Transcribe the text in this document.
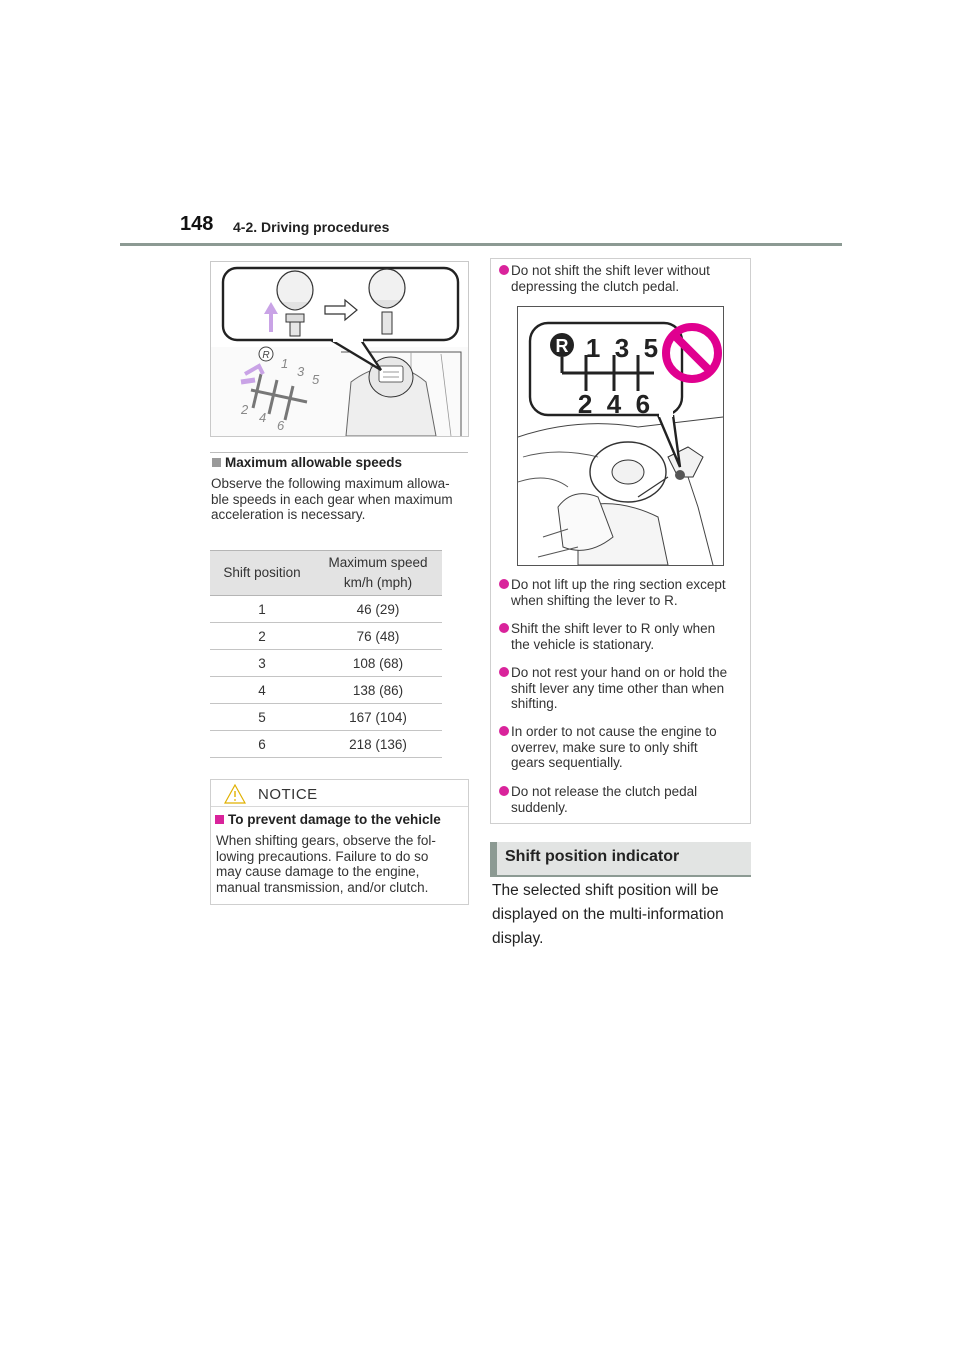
148 4-2. Driving procedures
R
1
3
5
2
4
6
Maximum allowable speeds
Observe the following maximum allowa-
ble speeds in each gear when maximum
acceleration is necessary.
Shift position	Maximum speed
km/h (mph)

1	46 (29)
2	76 (48)
3	108 (68)
4	138 (86)
5	167 (104)
6	218 (136)
NOTICE
To prevent damage to the vehicle
When shifting gears, observe the fol-
lowing precautions. Failure to do so
may cause damage to the engine,
manual transmission, and/or clutch.
Do not shift the shift lever without
depressing the clutch pedal.
R 1  3  5
2  4  6
Do not lift up the ring section except
when shifting the lever to R.
Shift the shift lever to R only when
the vehicle is stationary.
Do not rest your hand on or hold the
shift lever any time other than when
shifting.
In order to not cause the engine to
overrev, make sure to only shift
gears sequentially.
Do not release the clutch pedal
suddenly.
Shift position indicator
The selected shift position will be
displayed on the multi-information
display.
